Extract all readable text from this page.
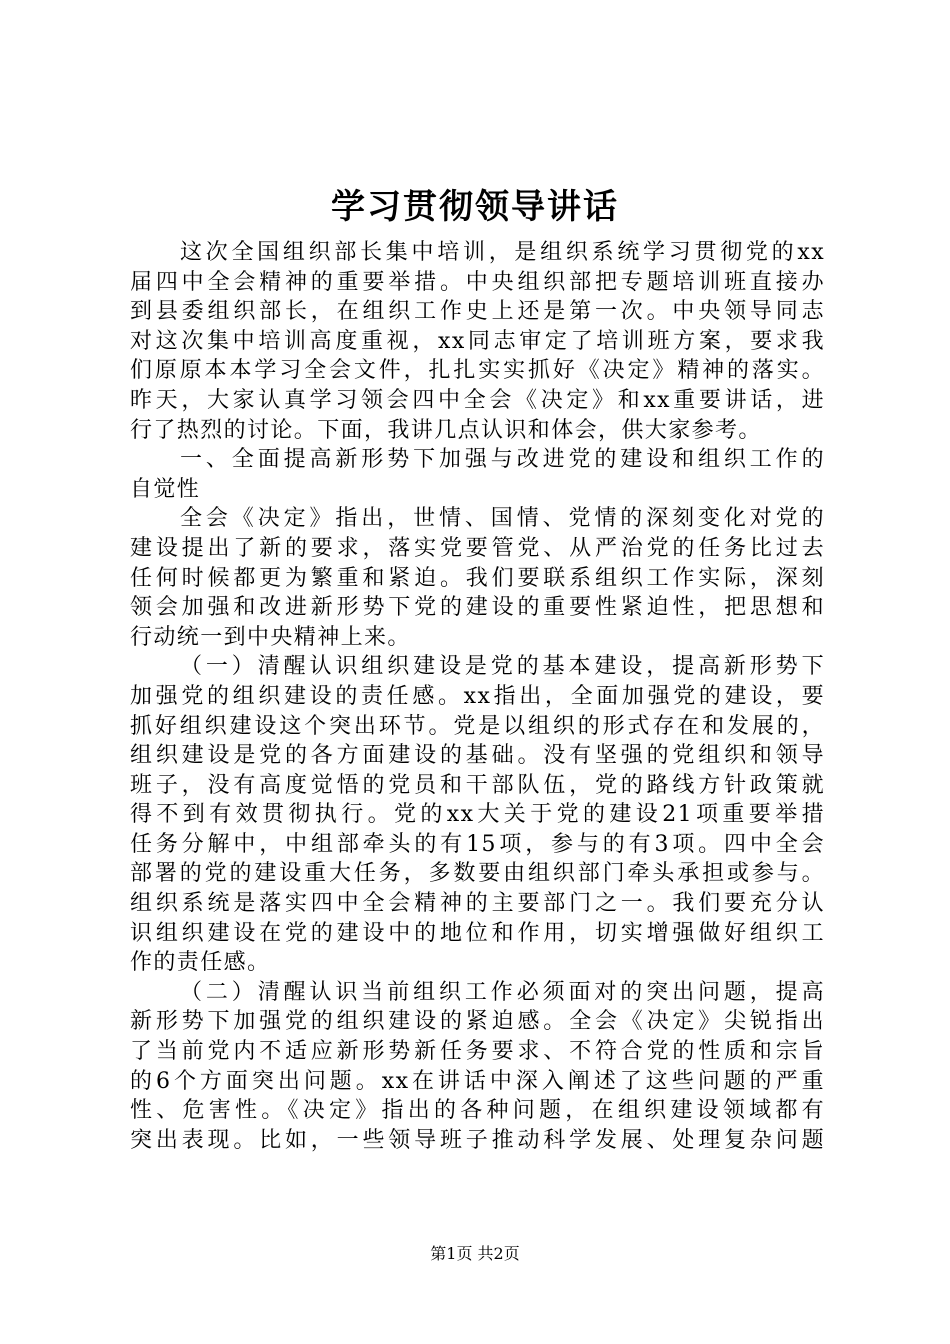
学习贯彻领导讲话
这次全国组织部长集中培训，是组织系统学习贯彻党的xx
届四中全会精神的重要举措。中央组织部把专题培训班直接办
到县委组织部长，在组织工作史上还是第一次。中央领导同志
对这次集中培训高度重视，xx同志审定了培训班方案，要求我
们原原本本学习全会文件，扎扎实实抓好《决定》精神的落实。
昨天，大家认真学习领会四中全会《决定》和xx重要讲话，进
行了热烈的讨论。下面，我讲几点认识和体会，供大家参考。
一、全面提高新形势下加强与改进党的建设和组织工作的
自觉性
全会《决定》指出，世情、国情、党情的深刻变化对党的
建设提出了新的要求，落实党要管党、从严治党的任务比过去
任何时候都更为繁重和紧迫。我们要联系组织工作实际，深刻
领会加强和改进新形势下党的建设的重要性紧迫性，把思想和
行动统一到中央精神上来。
（一）清醒认识组织建设是党的基本建设，提高新形势下
加强党的组织建设的责任感。xx指出，全面加强党的建设，要
抓好组织建设这个突出环节。党是以组织的形式存在和发展的，
组织建设是党的各方面建设的基础。没有坚强的党组织和领导
班子，没有高度觉悟的党员和干部队伍，党的路线方针政策就
得不到有效贯彻执行。党的xx大关于党的建设21项重要举措
任务分解中，中组部牵头的有15项，参与的有3项。四中全会
部署的党的建设重大任务，多数要由组织部门牵头承担或参与。
组织系统是落实四中全会精神的主要部门之一。我们要充分认
识组织建设在党的建设中的地位和作用，切实增强做好组织工
作的责任感。
（二）清醒认识当前组织工作必须面对的突出问题，提高
新形势下加强党的组织建设的紧迫感。全会《决定》尖锐指出
了当前党内不适应新形势新任务要求、不符合党的性质和宗旨
的6个方面突出问题。xx在讲话中深入阐述了这些问题的严重
性、危害性。《决定》指出的各种问题，在组织建设领域都有
突出表现。比如，一些领导班子推动科学发展、处理复杂问题
第1页 共2页
